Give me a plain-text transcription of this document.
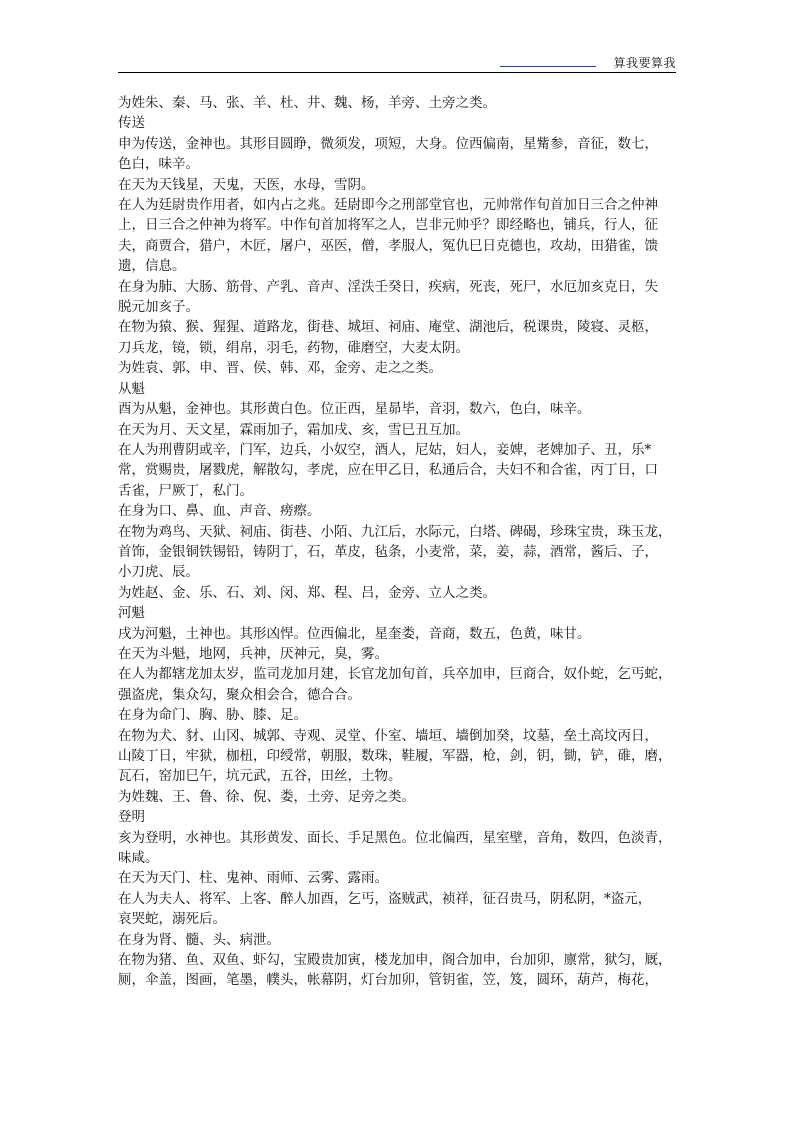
算我要算我
为姓朱、秦、马、张、羊、杜、井、魏、杨，羊旁、土旁之类。
传送
申为传送，金神也。其形目圆睁，微须发，项短，大身。位西偏南，星觜参，音征，数七，
色白，味辛。
在天为天钱星，天鬼，天医，水母，雪阴。
在人为廷尉贵作用者，如内占之兆。廷尉即今之刑部堂官也，元帅常作旬首加日三合之仲神
上，日三合之仲神为将军。中作旬首加将军之人，岂非元帅乎？即经略也，铺兵，行人，征
夫，商贾合，猎户，木匠，屠户，巫医，僧，孝服人，冤仇巳日克德也，攻劫，田猎雀，馈
遗，信息。
在身为肺、大肠、筋骨、产乳、音声、淫泆壬癸日，疾病，死丧，死尸，水厄加亥克日，失
脱元加亥子。
在物为猿、猴、猩猩、道路龙，街巷、城垣、祠庙、庵堂、湖池后，税课贵，陵寝、灵柩，
刀兵龙，镜，锁，绢帛，羽毛，药物，碓磨空，大麦太阴。
为姓袁、郭、申、晋、侯、韩、邓，金旁、走之之类。
从魁
酉为从魁，金神也。其形黄白色。位正西，星昴毕，音羽，数六，色白，味辛。
在天为月、天文星，霖雨加子，霜加戌、亥，雪巳丑互加。
在人为刑曹阴或辛，门军，边兵，小奴空，酒人，尼姑，妇人，妾婢，老婢加子、丑，乐*
常，赏赐贵，屠戮虎，解散勾，孝虎，应在甲乙日，私通后合，夫妇不和合雀，丙丁日，口
舌雀，尸厥丁，私门。
在身为口、鼻、血、声音、痨瘵。
在物为鸡鸟、天狱、祠庙、街巷、小陌、九江后，水际元，白塔、碑碣，珍珠宝贵，珠玉龙，
首饰，金银铜铁锡铅，铸阴丁，石，革皮，毡条，小麦常，菜，姜，蒜，酒常，酱后、子，
小刀虎、辰。
为姓赵、金、乐、石、刘、闵、郑、程、吕，金旁、立人之类。
河魁
戌为河魁，土神也。其形凶悍。位西偏北，星奎娄，音商，数五，色黄，味甘。
在天为斗魁，地网，兵神，厌神元，臭，雾。
在人为都辖龙加太岁，监司龙加月建，长官龙加旬首，兵卒加申，巨商合，奴仆蛇，乞丐蛇，
强盗虎，集众勾，聚众相会合，德合合。
在身为命门、胸、胁、膝、足。
在物为犬、豺、山冈、城郭、寺观、灵堂、仆室、墙垣、墙倒加癸，坟墓，垒土高坟丙日，
山陵丁日，牢狱，枷杻，印绶常，朝服，数珠，鞋履，军器，枪，剑，钥，锄，铲，碓，磨，
瓦石，窑加巳午，坑元武，五谷，田丝，土物。
为姓魏、王、鲁、徐、倪、娄，土旁、足旁之类。
登明
亥为登明，水神也。其形黄发、面长、手足黑色。位北偏西，星室壁，音角，数四，色淡青，
味咸。
在天为天门、柱、鬼神、雨师、云雾、露雨。
在人为夫人、将军、上客、醉人加酉，乞丐，盗贼武，祯祥，征召贵马，阴私阴，*盗元，
哀哭蛇，溺死后。
在身为肾、髓、头、病泄。
在物为猪、鱼、双鱼、虾勾，宝殿贵加寅，楼龙加申，阁合加申，台加卯，廪常，狱匀，厩，
厕，伞盖，图画，笔墨，幞头，帐幕阴，灯台加卯，管钥雀，笠，笈，圆环，葫芦，梅花，
